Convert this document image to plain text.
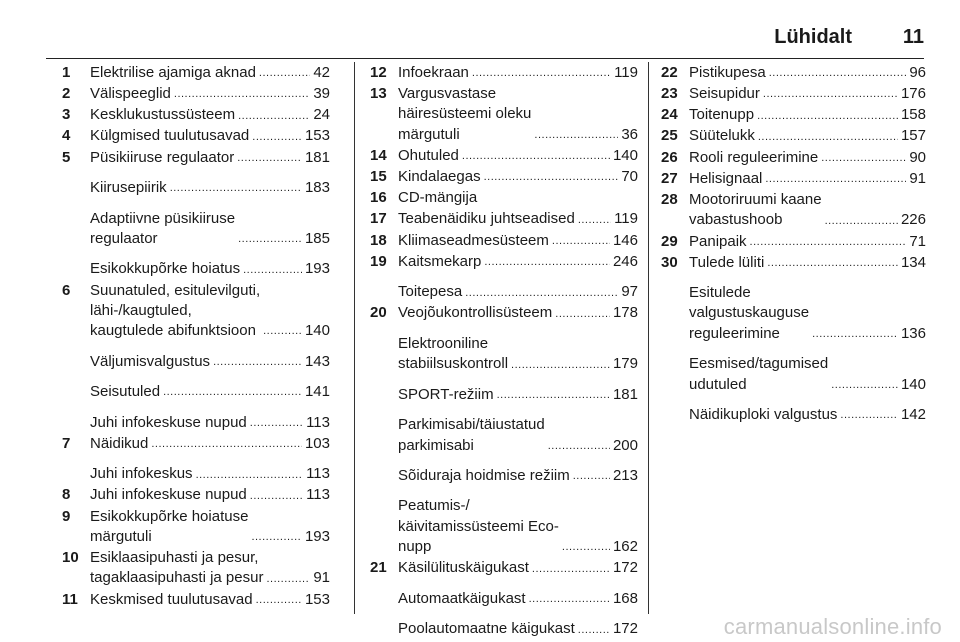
Lühidalt	11
1	Elektrilise ajamiga aknad .....	42
2	Välispeeglid .....	39
3	Kesklukustussüsteem .....	24
4	Külgmised tuulutusavad .....	153
5	Püsikiiruse regulaator .....	181
Kiirusepiirik .....	183
Adaptiivne püsikiiruse
regulaator .....	185
Esikokkupõrke hoiatus .....	193
6	Suunatuled, esitulevilguti,
lähi-/kaugtuled,
kaugtulede abifunktsioon .....	140
Väljumisvalgustus .....	143
Seisutuled .....	141
Juhi infokeskuse nupud .....	113
7	Näidikud .....	103
Juhi infokeskus .....	113
8	Juhi infokeskuse nupud .....	113
9	Esikokkupõrke hoiatuse
märgutuli .....	193
10 Esiklaasipuhasti ja pesur,
tagaklaasipuhasti ja pesur .....	91
11 Keskmised tuulutusavad .....	153
12 Infoekraan .....	119
13 Vargusvastase
häiresüsteemi oleku
märgutuli .....	36
14 Ohutuled .....	140
15 Kindalaegas .....	70
16 CD-mängija
17 Teabenäidiku juhtseadised .....	119
18 Kliimaseadmesüsteem .....	146
19 Kaitsmekarp .....	246
Toitepesa .....	97
20 Veojõukontrollisüsteem .....	178
Elektrooniline
stabiilsuskontroll .....	179
SPORT-režiim .....	181
Parkimisabi/täiustatud
parkimisabi .....	200
Sõiduraja hoidmise režiim .....	213
Peatumis-/
käivitamissüsteemi Eco-
nupp .....	162
21 Käsilülituskäigukast .....	172
Automaatkäigukast .....	168
Poolautomaatne käigukast .....	172
22 Pistikupesa .....	96
23 Seisupidur .....	176
24 Toitenupp .....	158
25 Süütelukk .....	157
26 Rooli reguleerimine .....	90
27 Helisignaal .....	91
28 Mootoriruumi kaane
vabastushoob .....	226
29 Panipaik .....	71
30 Tulede lüliti .....	134
Esitulede
valgustuskauguse
reguleerimine .....	136
Eesmised/tagumised
udutuled .....	140
Näidikuploki valgustus .....	142
carmanualsonline.info
